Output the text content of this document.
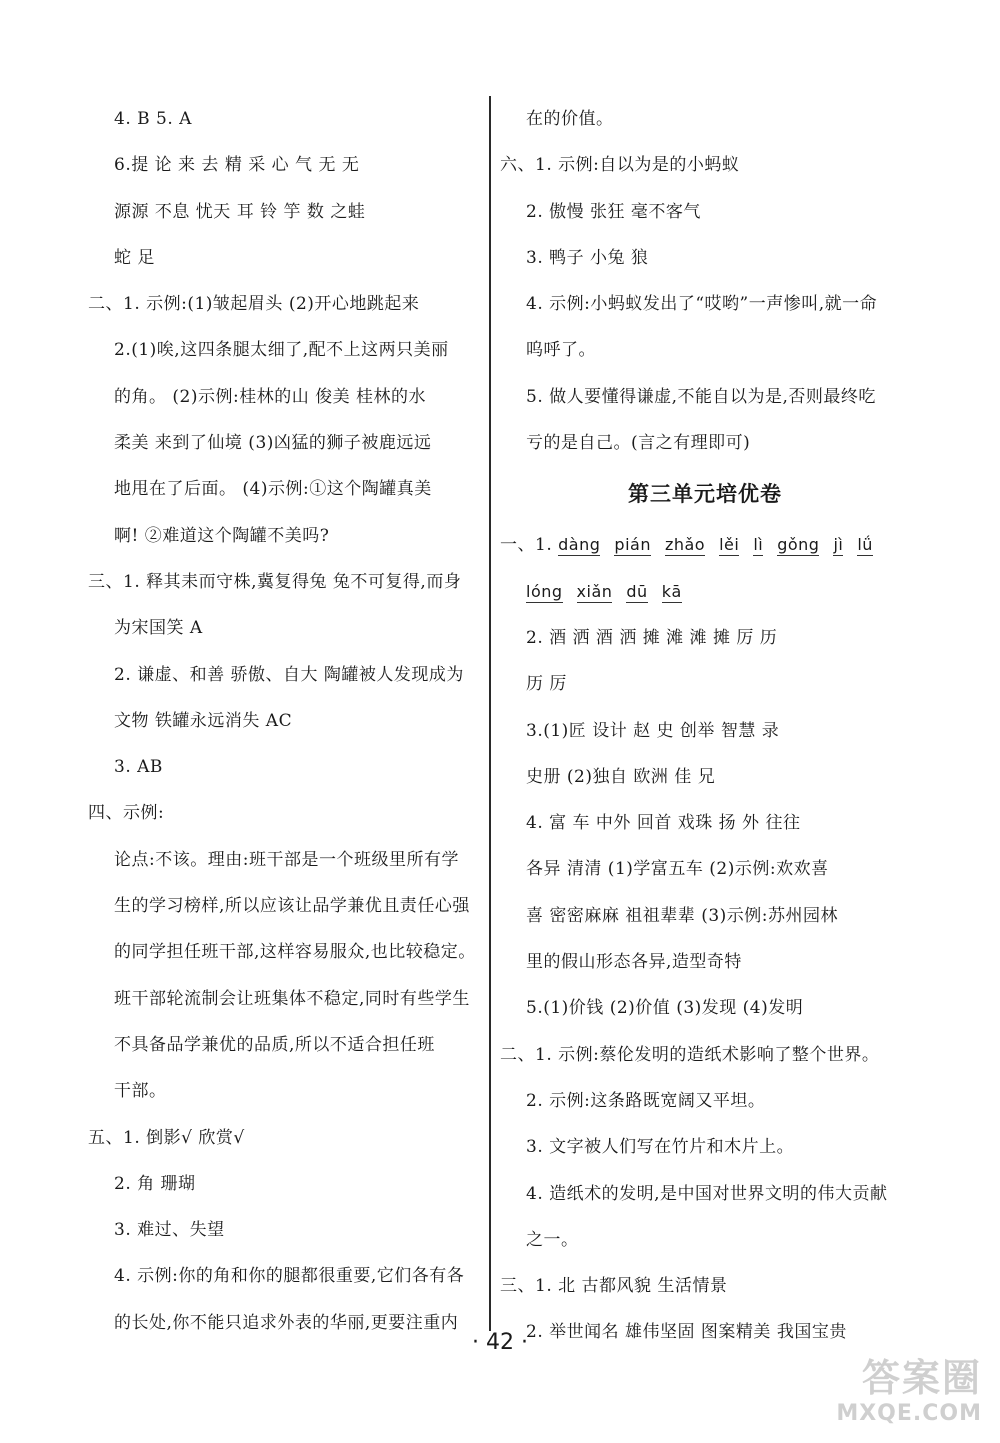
4. B 5. A
6.提 论 来 去 精 采 心 气 无 无
源源 不息 忧天 耳 铃 竽 数 之蛙
蛇 足
二、1. 示例:(1)皱起眉头 (2)开心地跳起来
2.(1)唉,这四条腿太细了,配不上这两只美丽
的角。 (2)示例:桂林的山 俊美 桂林的水
柔美 来到了仙境 (3)凶猛的狮子被鹿远远
地甩在了后面。 (4)示例:①这个陶罐真美
啊! ②难道这个陶罐不美吗?
三、1. 释其耒而守株,冀复得兔 兔不可复得,而身
为宋国笑 A
2. 谦虚、和善 骄傲、自大 陶罐被人发现成为
文物 铁罐永远消失 AC
3. AB
四、示例:
论点:不该。理由:班干部是一个班级里所有学
生的学习榜样,所以应该让品学兼优且责任心强
的同学担任班干部,这样容易服众,也比较稳定。
班干部轮流制会让班集体不稳定,同时有些学生
不具备品学兼优的品质,所以不适合担任班
干部。
五、1. 倒影√ 欣赏√
2. 角 珊瑚
3. 难过、失望
4. 示例:你的角和你的腿都很重要,它们各有各
的长处,你不能只追求外表的华丽,更要注重内
在的价值。
六、1. 示例:自以为是的小蚂蚁
2. 傲慢 张狂 毫不客气
3. 鸭子 小兔 狼
4. 示例:小蚂蚁发出了“哎哟”一声惨叫,就一命
呜呼了。
5. 做人要懂得谦虚,不能自以为是,否则最终吃
亏的是自己。(言之有理即可)
第三单元培优卷
一、1. dàng pián zhǎo lěi lì gǒng jì lǘ
lóng xiǎn dū kā
2. 酒 洒 酒 洒 摊 滩 滩 摊 厉 历
历 厉
3.(1)匠 设计 赵 史 创举 智慧 录
史册 (2)独自 欧洲 佳 兄
4. 富 车 中外 回首 戏珠 扬 外 往往
各异 清清 (1)学富五车 (2)示例:欢欢喜
喜 密密麻麻 祖祖辈辈 (3)示例:苏州园林
里的假山形态各异,造型奇特
5.(1)价钱 (2)价值 (3)发现 (4)发明
二、1. 示例:蔡伦发明的造纸术影响了整个世界。
2. 示例:这条路既宽阔又平坦。
3. 文字被人们写在竹片和木片上。
4. 造纸术的发明,是中国对世界文明的伟大贡献
之一。
三、1. 北 古都风貌 生活情景
2. 举世闻名 雄伟坚固 图案精美 我国宝贵
· 42 ·
答案圈
MXQE.COM
